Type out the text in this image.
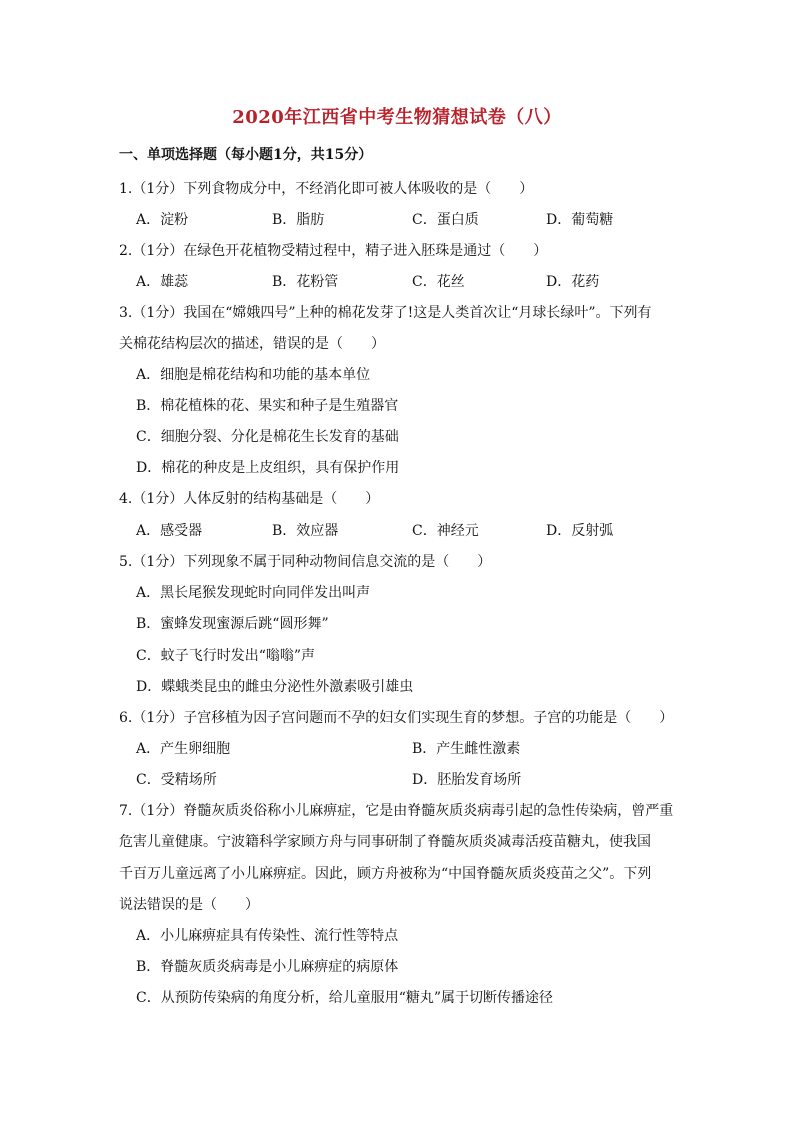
2020年江西省中考生物猜想试卷（八）
一、单项选择题（每小题1分，共15分）
1.（1分）下列食物成分中，不经消化即可被人体吸收的是（　　）
A．淀粉	B．脂肪	C．蛋白质	D．葡萄糖
2.（1分）在绿色开花植物受精过程中，精子进入胚珠是通过（　　）
A．雄蕊	B．花粉管	C．花丝	D．花药
3.（1分）我国在“嫦娥四号”上种的棉花发芽了!这是人类首次让“月球长绿叶”。下列有
关棉花结构层次的描述，错误的是（　　）
A．细胞是棉花结构和功能的基本单位
B．棉花植株的花、果实和种子是生殖器官
C．细胞分裂、分化是棉花生长发育的基础
D．棉花的种皮是上皮组织，具有保护作用
4.（1分）人体反射的结构基础是（　　）
A．感受器	B．效应器	C．神经元	D．反射弧
5.（1分）下列现象不属于同种动物间信息交流的是（　　）
A．黑长尾猴发现蛇时向同伴发出叫声
B．蜜蜂发现蜜源后跳“圆形舞”
C．蚊子飞行时发出“嗡嗡”声
D．蝶蛾类昆虫的雌虫分泌性外激素吸引雄虫
6.（1分）子宫移植为因子宫问题而不孕的妇女们实现生育的梦想。子宫的功能是（　　）
A．产生卵细胞	B．产生雌性激素
C．受精场所	D．胚胎发育场所
7.（1分）脊髓灰质炎俗称小儿麻痹症，它是由脊髓灰质炎病毒引起的急性传染病，曾严重
危害儿童健康。宁波籍科学家顾方舟与同事研制了脊髓灰质炎减毒活疫苗糖丸，使我国
千百万儿童远离了小儿麻痹症。因此，顾方舟被称为“中国脊髓灰质炎疫苗之父”。下列
说法错误的是（　　）
A．小儿麻痹症具有传染性、流行性等特点
B．脊髓灰质炎病毒是小儿麻痹症的病原体
C．从预防传染病的角度分析，给儿童服用“糖丸”属于切断传播途径
